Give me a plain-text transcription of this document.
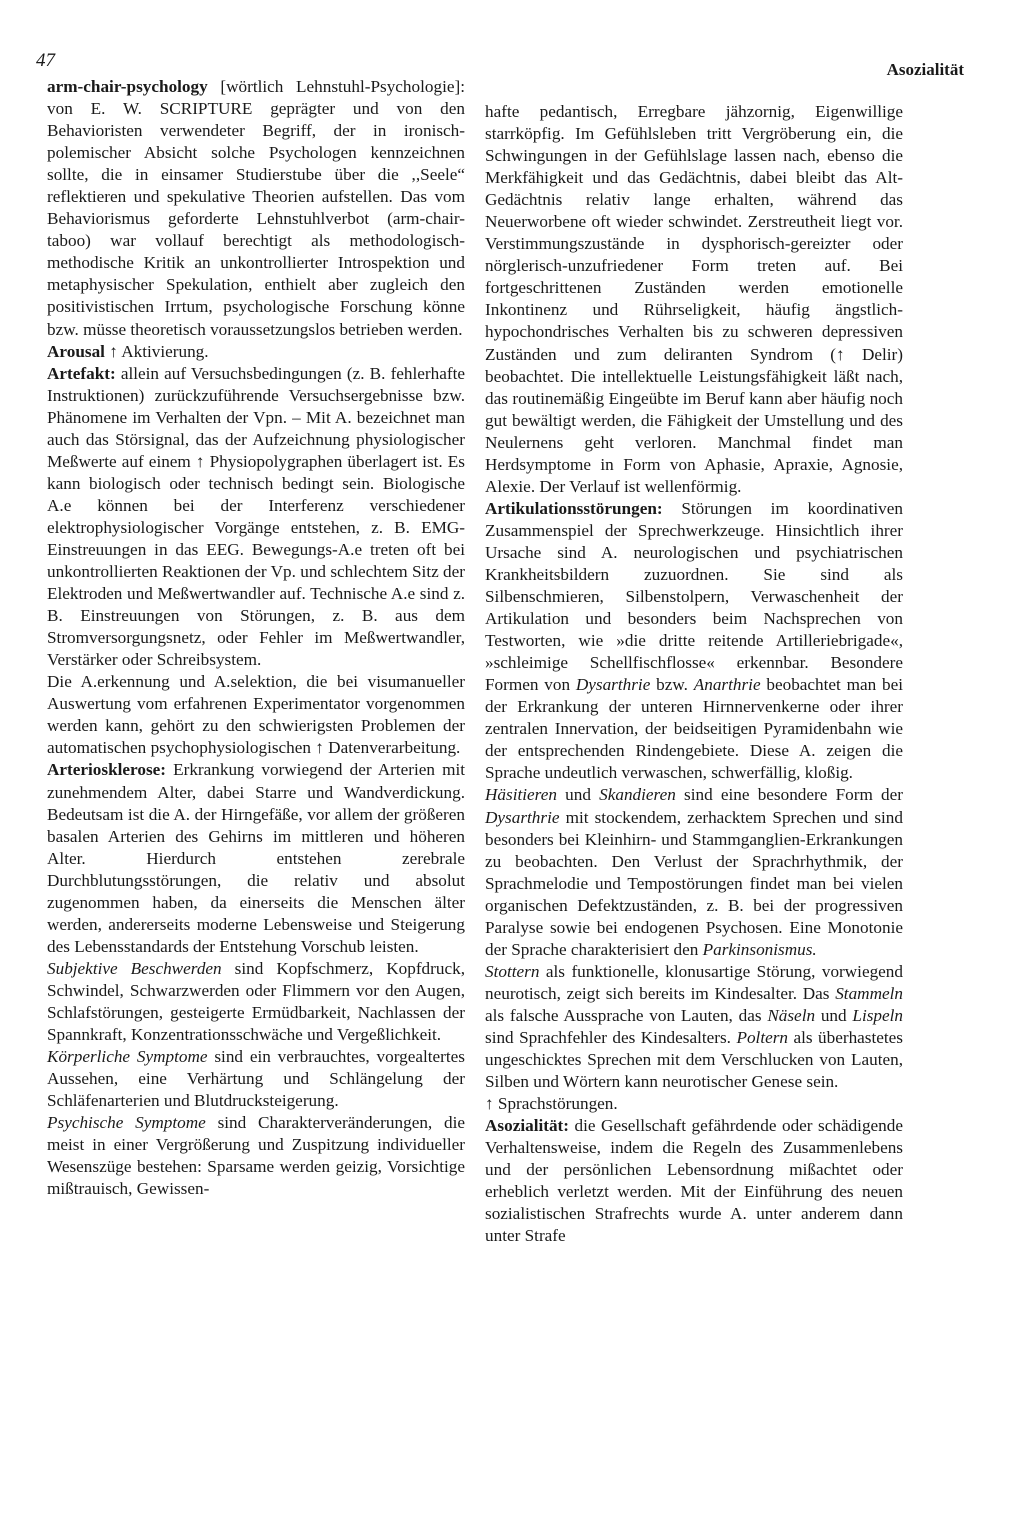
47	Asozialität

arm-chair-psychology [wörtlich Lehnstuhl-Psychologie]: von E. W. SCRIPTURE geprägter und von den Behavioristen verwendeter Begriff, der in ironisch-polemischer Absicht solche Psychologen kennzeichnen sollte, die in einsamer Studierstube über die ,,Seele“ reflektieren und spekulative Theorien aufstellen. Das vom Behaviorismus geforderte Lehnstuhlverbot (arm-chair-taboo) war vollauf berechtigt als methodologisch-methodische Kritik an unkontrollierter Introspektion und metaphysischer Spekulation, enthielt aber zugleich den positivistischen Irrtum, psychologische Forschung könne bzw. müsse theoretisch voraussetzungslos betrieben werden.

Arousal ↑ Aktivierung.

Artefakt: allein auf Versuchsbedingungen (z. B. fehlerhafte Instruktionen) zurückzuführende Versuchsergebnisse bzw. Phänomene im Verhalten der Vpn. – Mit A. bezeichnet man auch das Störsignal, das der Aufzeichnung physiologischer Meßwerte auf einem ↑ Physiopolygraphen überlagert ist. Es kann biologisch oder technisch bedingt sein. Biologische A.e können bei der Interferenz verschiedener elektrophysiologischer Vorgänge entstehen, z. B. EMG-Einstreuungen in das EEG. Bewegungs-A.e treten oft bei unkontrollierten Reaktionen der Vp. und schlechtem Sitz der Elektroden und Meßwertwandler auf. Technische A.e sind z. B. Einstreuungen von Störungen, z. B. aus dem Stromversorgungsnetz, oder Fehler im Meßwertwandler, Verstärker oder Schreibsystem.

Die A.erkennung und A.selektion, die bei visumanueller Auswertung vom erfahrenen Experimentator vorgenommen werden kann, gehört zu den schwierigsten Problemen der automatischen psychophysiologischen ↑ Datenverarbeitung.

Arteriosklerose: Erkrankung vorwiegend der Arterien mit zunehmendem Alter, dabei Starre und Wandverdickung. Bedeutsam ist die A. der Hirngefäße, vor allem der größeren basalen Arterien des Gehirns im mittleren und höheren Alter. Hierdurch entstehen zerebrale Durchblutungsstörungen, die relativ und absolut zugenommen haben, da einerseits die Menschen älter werden, andererseits moderne Lebensweise und Steigerung des Lebensstandards der Entstehung Vorschub leisten.

Subjektive Beschwerden sind Kopfschmerz, Kopfdruck, Schwindel, Schwarzwerden oder Flimmern vor den Augen, Schlafstörungen, gesteigerte Ermüdbarkeit, Nachlassen der Spannkraft, Konzentrationsschwäche und Vergeßlichkeit.

Körperliche Symptome sind ein verbrauchtes, vorgealtertes Aussehen, eine Verhärtung und Schlängelung der Schläfenarterien und Blutdrucksteigerung.

Psychische Symptome sind Charakterveränderungen, die meist in einer Vergrößerung und Zuspitzung individueller Wesenszüge bestehen: Sparsame werden geizig, Vorsichtige mißtrauisch, Gewissen-

hafte pedantisch, Erregbare jähzornig, Eigenwillige starrköpfig. Im Gefühlsleben tritt Vergröberung ein, die Schwingungen in der Gefühlslage lassen nach, ebenso die Merkfähigkeit und das Gedächtnis, dabei bleibt das Alt-Gedächtnis relativ lange erhalten, während das Neuerworbene oft wieder schwindet. Zerstreutheit liegt vor. Verstimmungszustände in dysphorisch-gereizter oder nörglerisch-unzufriedener Form treten auf. Bei fortgeschrittenen Zuständen werden emotionelle Inkontinenz und Rührseligkeit, häufig ängstlich-hypochondrisches Verhalten bis zu schweren depressiven Zuständen und zum deliranten Syndrom (↑ Delir) beobachtet. Die intellektuelle Leistungsfähigkeit läßt nach, das routinemäßig Eingeübte im Beruf kann aber häufig noch gut bewältigt werden, die Fähigkeit der Umstellung und des Neulernens geht verloren. Manchmal findet man Herdsymptome in Form von Aphasie, Apraxie, Agnosie, Alexie. Der Verlauf ist wellenförmig.

Artikulationsstörungen: Störungen im koordinativen Zusammenspiel der Sprechwerkzeuge. Hinsichtlich ihrer Ursache sind A. neurologischen und psychiatrischen Krankheitsbildern zuzuordnen. Sie sind als Silbenschmieren, Silbenstolpern, Verwaschenheit der Artikulation und besonders beim Nachsprechen von Testworten, wie »die dritte reitende Artilleriebrigade«, »schleimige Schellfischflosse« erkennbar. Besondere Formen von Dysarthrie bzw. Anarthrie beobachtet man bei der Erkrankung der unteren Hirnnervenkerne oder ihrer zentralen Innervation, der beidseitigen Pyramidenbahn wie der entsprechenden Rindengebiete. Diese A. zeigen die Sprache undeutlich verwaschen, schwerfällig, kloßig.

Häsitieren und Skandieren sind eine besondere Form der Dysarthrie mit stockendem, zerhacktem Sprechen und sind besonders bei Kleinhirn- und Stammganglien-Erkrankungen zu beobachten. Den Verlust der Sprachrhythmik, der Sprachmelodie und Tempostörungen findet man bei vielen organischen Defektzuständen, z. B. bei der progressiven Paralyse sowie bei endogenen Psychosen. Eine Monotonie der Sprache charakterisiert den Parkinsonismus.

Stottern als funktionelle, klonusartige Störung, vorwiegend neurotisch, zeigt sich bereits im Kindesalter. Das Stammeln als falsche Aussprache von Lauten, das Näseln und Lispeln sind Sprachfehler des Kindesalters. Poltern als überhastetes ungeschicktes Sprechen mit dem Verschlucken von Lauten, Silben und Wörtern kann neurotischer Genese sein.

↑ Sprachstörungen.

Asozialität: die Gesellschaft gefährdende oder schädigende Verhaltensweise, indem die Regeln des Zusammenlebens und der persönlichen Lebensordnung mißachtet oder erheblich verletzt werden. Mit der Einführung des neuen sozialistischen Strafrechts wurde A. unter anderem dann unter Strafe
